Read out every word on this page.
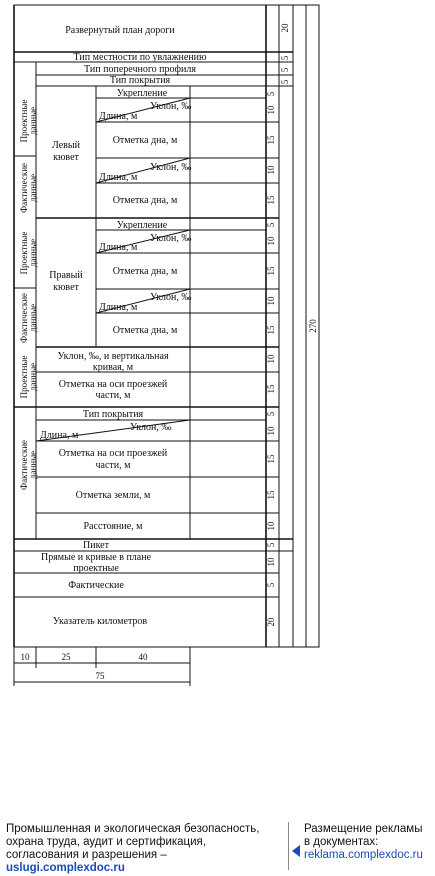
Развернутый план дороги
Тип местности по увлажнению
Тип поперечного профиля
Тип покрытия
Укрепление
Уклон, ‰
Длина, м
Отметка дна, м
Уклон, ‰
Длина, м
Отметка дна, м
Левый
кювет
Укрепление
Уклон, ‰
Длина, м
Отметка дна, м
Уклон, ‰
Длина, м
Отметка дна, м
Правый
кювет
Уклон, ‰, и вертикальная
кривая, м
Отметка на оси проезжей
части, м
Тип покрытия
Уклон, ‰
Длина, м
Отметка на оси проезжей
части, м
Отметка земли, м
Расстояние, м
Пикет
Прямые и кривые в плане
проектные
Фактические
Указатель километров
Проектные данные
Фактические данные
Проектные данные
Фактические данные
Проектные данные
Фактические данные
20
5
5
5
5
10
15
10
15
5
10
15
10
15
10
15
5
10
15
15
10
5
10
5
20
270
10	25	40
75
Промышленная и экологическая безопасность,
охрана труда, аудит и сертификация,
согласования и разрешения – uslugi.complexdoc.ru
Размещение рекламы
в документах:
reklama.complexdoc.ru
